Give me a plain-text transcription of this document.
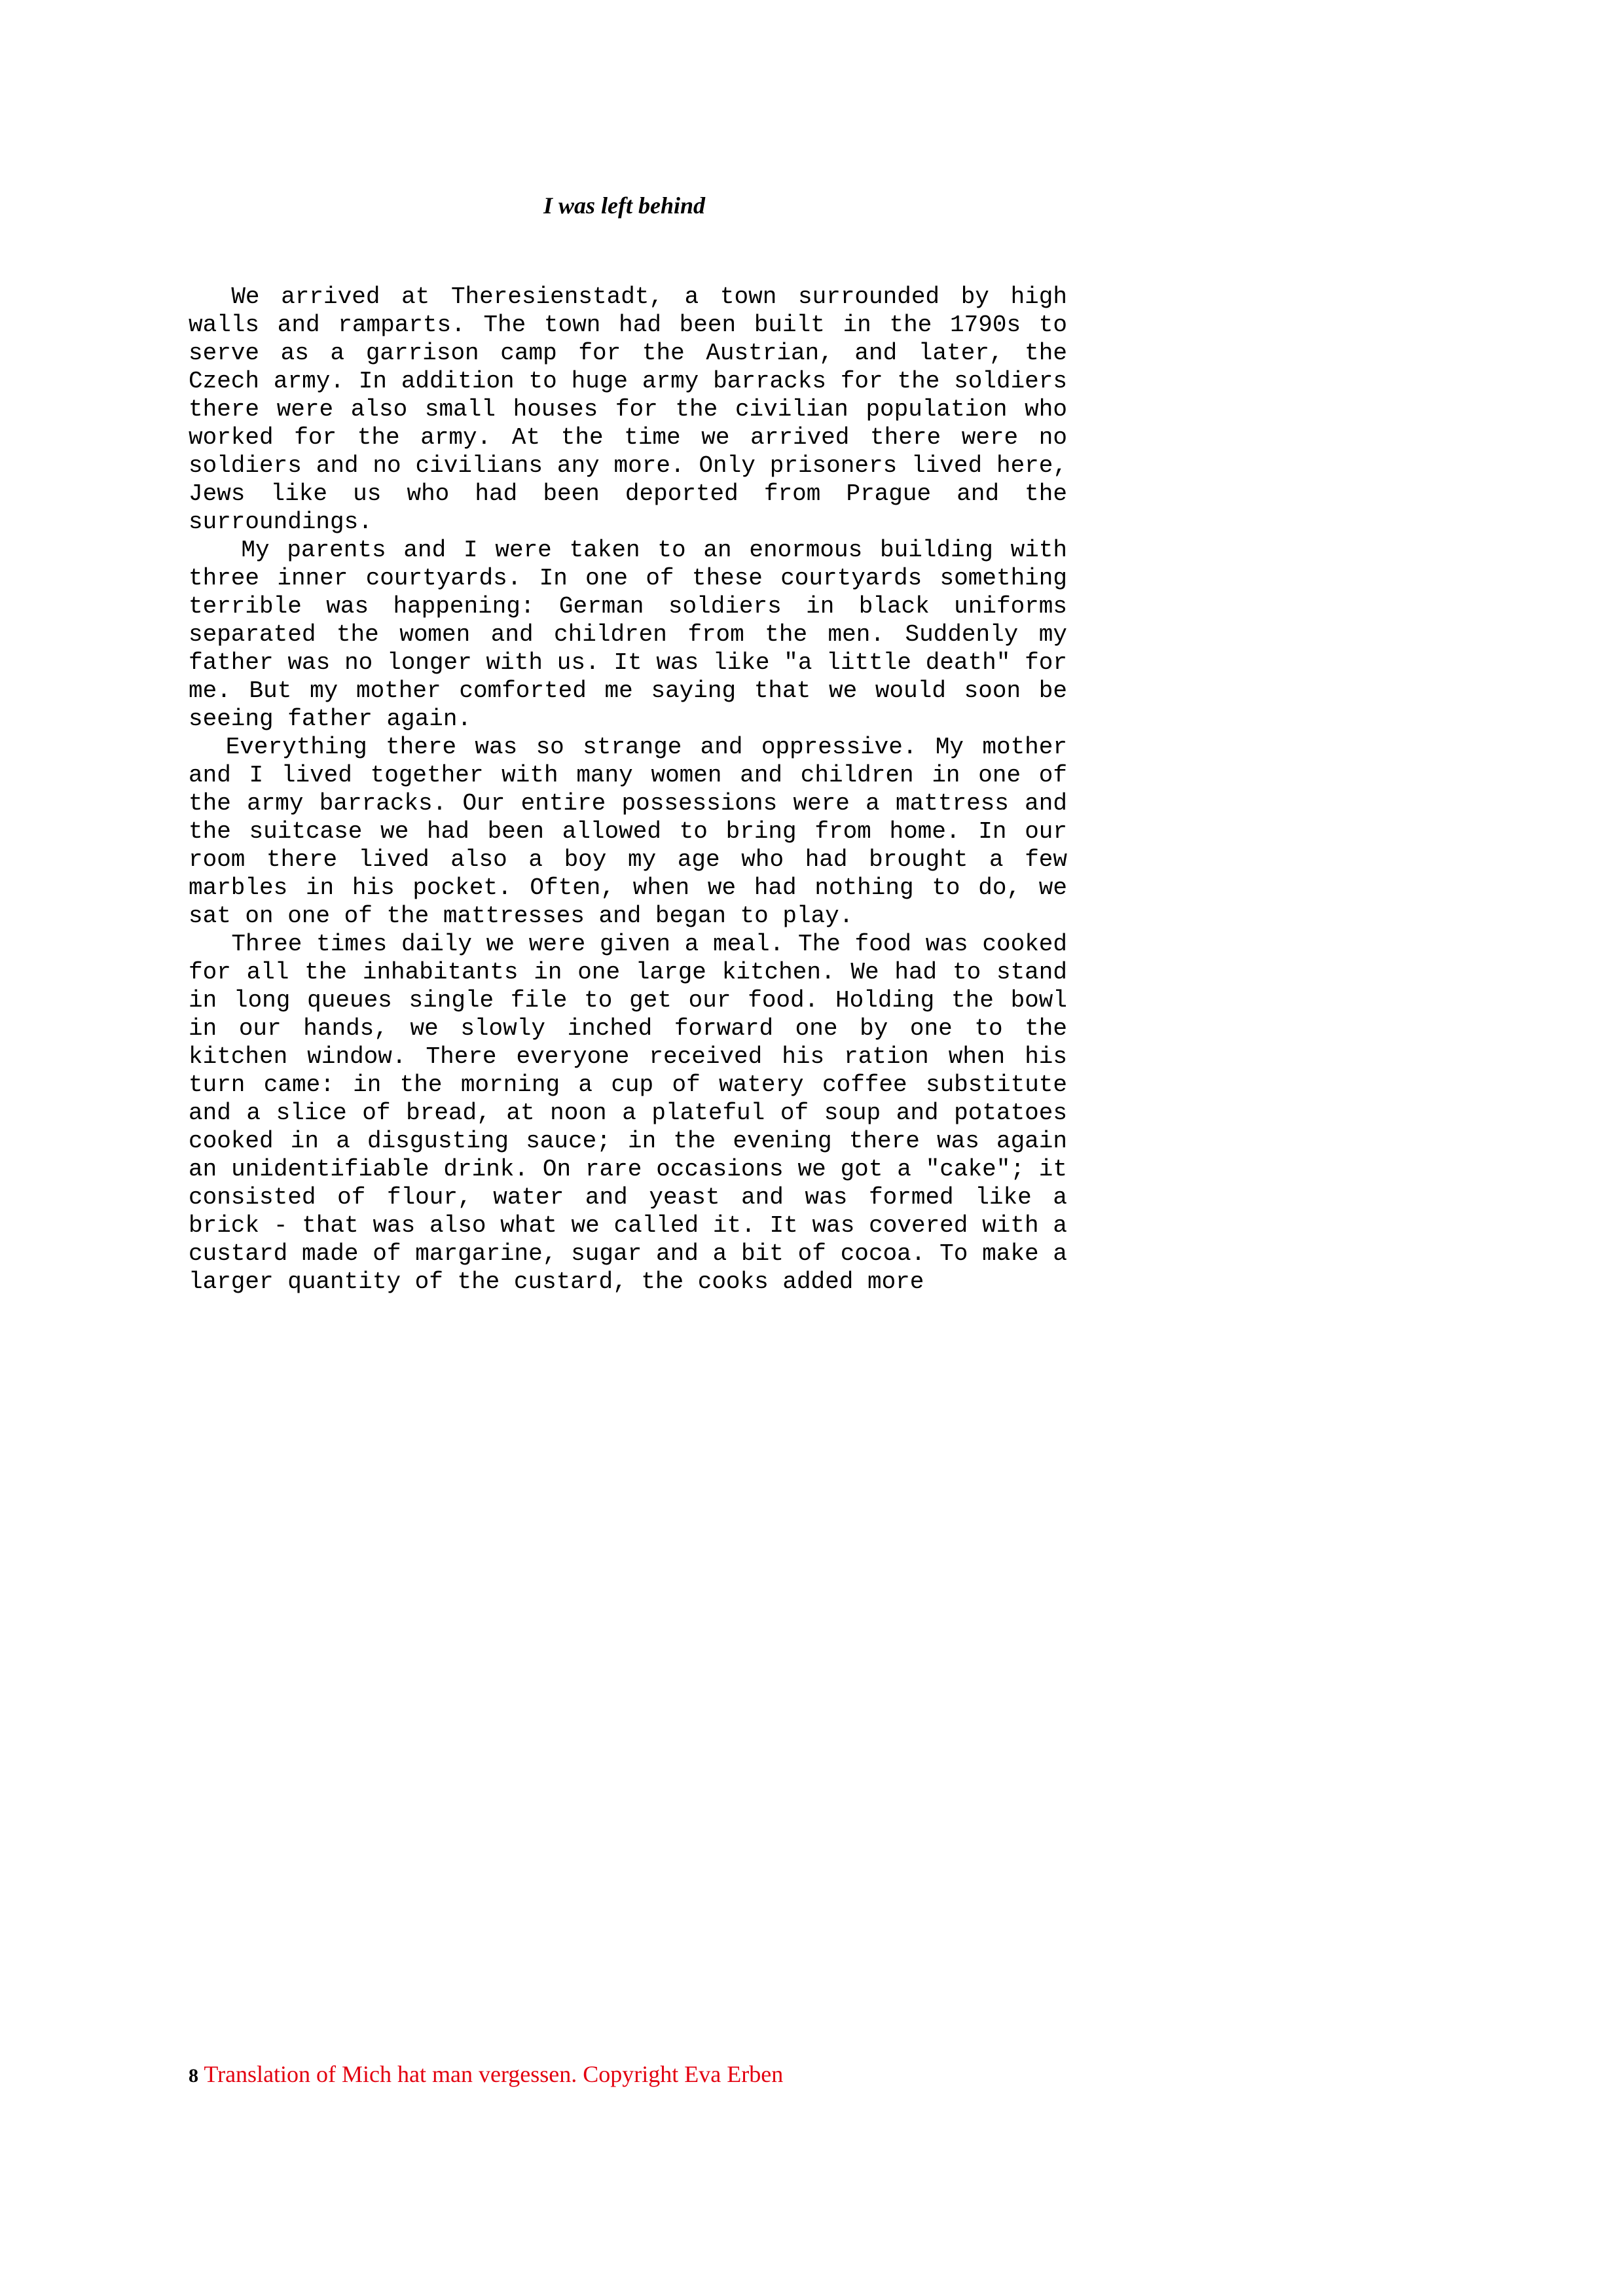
I was left behind

We arrived at Theresienstadt, a town surrounded by high walls and ramparts. The town had been built in the 1790s to serve as a garrison camp for the Austrian, and later, the Czech army. In addition to huge army barracks for the soldiers there were also small houses for the civilian population who worked for the army. At the time we arrived there were no soldiers and no civilians any more. Only prisoners lived here, Jews like us who had been deported from Prague and the surroundings.

My parents and I were taken to an enormous building with three inner courtyards. In one of these courtyards something terrible was happening: German soldiers in black uniforms separated the women and children from the men. Suddenly my father was no longer with us. It was like "a little death" for me. But my mother comforted me saying that we would soon be seeing father again.

Everything there was so strange and oppressive. My mother and I lived together with many women and children in one of the army barracks. Our entire possessions were a mattress and the suitcase we had been allowed to bring from home. In our room there lived also a boy my age who had brought a few marbles in his pocket. Often, when we had nothing to do, we sat on one of the mattresses and began to play.

Three times daily we were given a meal. The food was cooked for all the inhabitants in one large kitchen. We had to stand in long queues single file to get our food. Holding the bowl in our hands, we slowly inched forward one by one to the kitchen window. There everyone received his ration when his turn came: in the morning a cup of watery coffee substitute and a slice of bread, at noon a plateful of soup and potatoes cooked in a disgusting sauce; in the evening there was again an unidentifiable drink. On rare occasions we got a "cake"; it consisted of flour, water and yeast and was formed like a brick - that was also what we called it. It was covered with a custard made of margarine, sugar and a bit of cocoa. To make a larger quantity of the custard, the cooks added more

8 Translation of Mich hat man vergessen. Copyright Eva Erben
